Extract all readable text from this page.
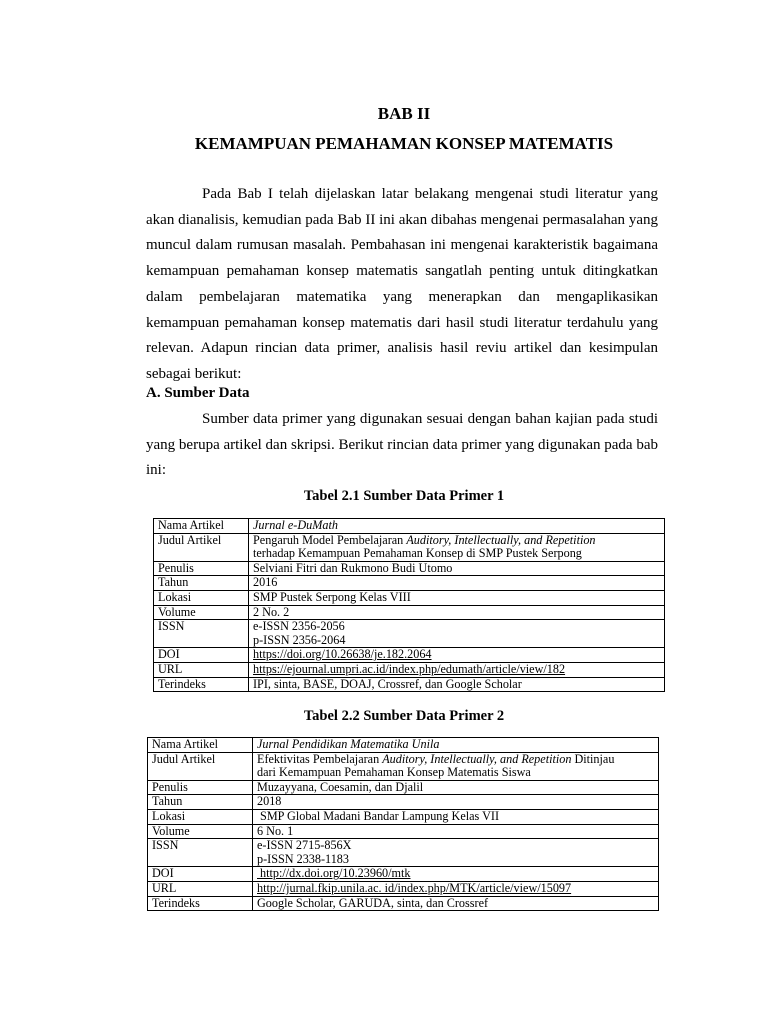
BAB II
KEMAMPUAN PEMAHAMAN KONSEP MATEMATIS

Pada Bab I telah dijelaskan latar belakang mengenai studi literatur yang akan dianalisis, kemudian pada Bab II ini akan dibahas mengenai permasalahan yang muncul dalam rumusan masalah. Pembahasan ini mengenai karakteristik bagaimana kemampuan pemahaman konsep matematis sangatlah penting untuk ditingkatkan dalam pembelajaran matematika yang menerapkan dan mengaplikasikan kemampuan pemahaman konsep matematis dari hasil studi literatur terdahulu yang relevan. Adapun rincian data primer, analisis hasil reviu artikel dan kesimpulan sebagai berikut:

A. Sumber Data

Sumber data primer yang digunakan sesuai dengan bahan kajian pada studi yang berupa artikel dan skripsi. Berikut rincian data primer yang digunakan pada bab ini:

Tabel 2.1 Sumber Data Primer 1

Nama Artikel	Jurnal e-DuMath
Judul Artikel	Pengaruh Model Pembelajaran Auditory, Intellectually, and Repetition
terhadap Kemampuan Pemahaman Konsep di SMP Pustek Serpong

Penulis	Selviani Fitri dan Rukmono Budi Utomo
Tahun	2016
Lokasi	SMP Pustek Serpong Kelas VIII
Volume	2 No. 2
ISSN	e-ISSN 2356-2056
p-ISSN 2356-2064

DOI	https://doi.org/10.26638/je.182.2064
URL	https://ejournal.umpri.ac.id/index.php/edumath/article/view/182
Terindeks	IPI, sinta, BASE, DOAJ, Crossref, dan Google Scholar

Tabel 2.2 Sumber Data Primer 2

Nama Artikel	Jurnal Pendidikan Matematika Unila
Judul Artikel	Efektivitas Pembelajaran Auditory, Intellectually, and Repetition Ditinjau
dari Kemampuan Pemahaman Konsep Matematis Siswa

Penulis	Muzayyana, Coesamin, dan Djalil
Tahun	2018
Lokasi	SMP Global Madani Bandar Lampung Kelas VII
Volume	6 No. 1
ISSN	e-ISSN 2715-856X
p-ISSN 2338-1183

DOI	http://dx.doi.org/10.23960/mtk
URL	http://jurnal.fkip.unila.ac. id/index.php/MTK/article/view/15097
Terindeks	Google Scholar, GARUDA, sinta, dan Crossref
